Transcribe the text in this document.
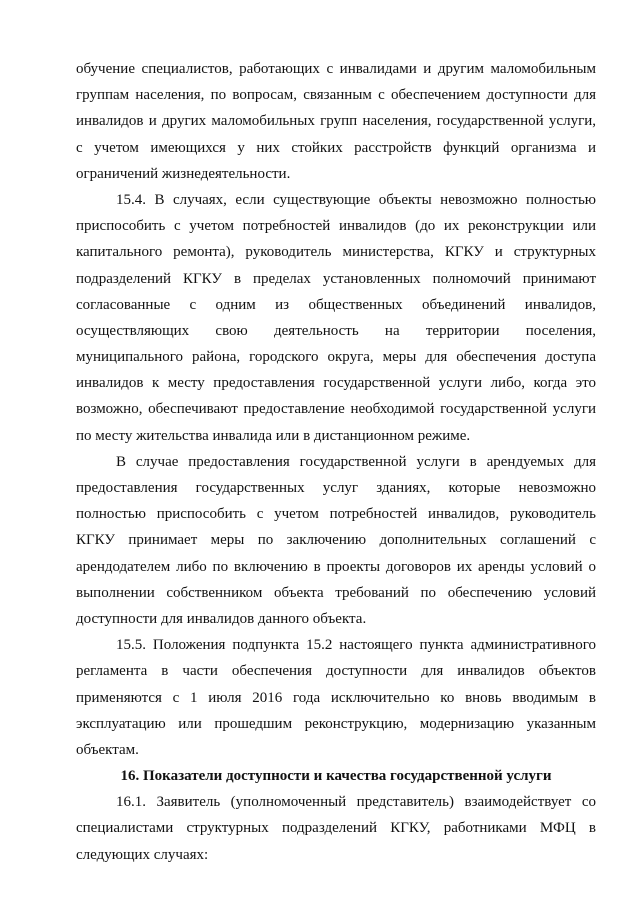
обучение специалистов, работающих с инвалидами и другим маломобильным
группам населения, по вопросам, связанным с обеспечением доступности для
инвалидов и других маломобильных групп населения, государственной услуги,
с учетом имеющихся у них стойких расстройств функций организма и
ограничений жизнедеятельности.
15.4. В случаях, если существующие объекты невозможно полностью
приспособить с учетом потребностей инвалидов (до их реконструкции или
капитального ремонта), руководитель министерства, КГКУ и структурных
подразделений КГКУ в пределах установленных полномочий принимают
согласованные с одним из общественных объединений инвалидов,
осуществляющих свою деятельность на территории поселения,
муниципального района, городского округа, меры для обеспечения доступа
инвалидов к месту предоставления государственной услуги либо, когда это
возможно, обеспечивают предоставление необходимой государственной услуги
по месту жительства инвалида или в дистанционном режиме.
В случае предоставления государственной услуги в арендуемых для
предоставления государственных услуг зданиях, которые невозможно
полностью приспособить с учетом потребностей инвалидов, руководитель
КГКУ принимает меры по заключению дополнительных соглашений с
арендодателем либо по включению в проекты договоров их аренды условий о
выполнении собственником объекта требований по обеспечению условий
доступности для инвалидов данного объекта.
15.5. Положения подпункта 15.2 настоящего пункта административного
регламента в части обеспечения доступности для инвалидов объектов
применяются с 1 июля 2016 года исключительно ко вновь вводимым в
эксплуатацию или прошедшим реконструкцию, модернизацию указанным
объектам.
16. Показатели доступности и качества государственной услуги
16.1. Заявитель (уполномоченный представитель) взаимодействует со
специалистами структурных подразделений КГКУ, работниками МФЦ в
следующих случаях:
